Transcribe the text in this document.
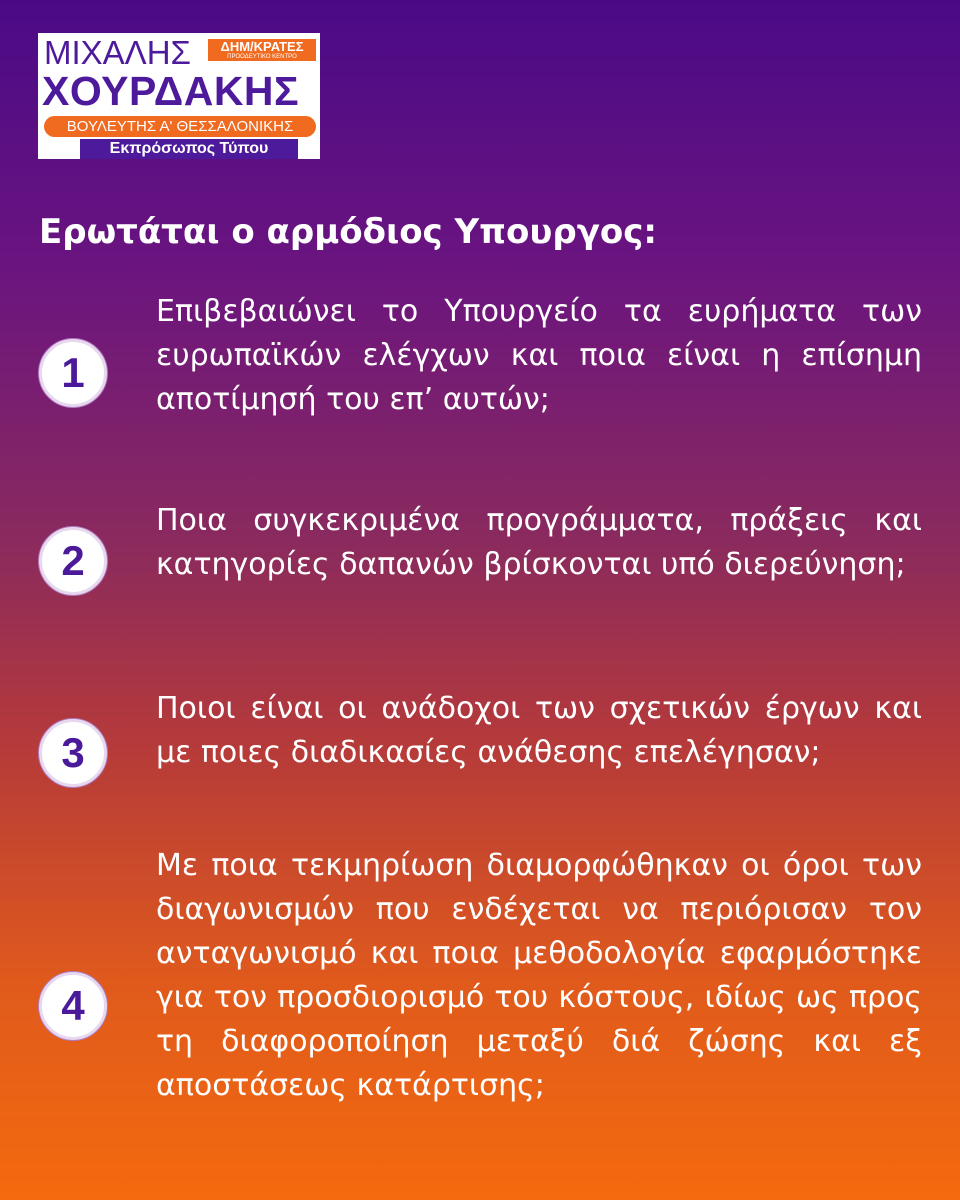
ΜΙΧΑΛΗΣ	ΔΗΜ/ΚΡΑΤΕΣ
ΠΡΟΟΔΕΥΤΙΚΟ ΚΕΝΤΡΟ
ΧΟΥΡΔΑΚΗΣ
ΒΟΥΛΕΥΤΗΣ Α' ΘΕΣΣΑΛΟΝΙΚΗΣ
Εκπρόσωπος Τύπου
Ερωτάται ο αρμόδιος Υπουργος:
1
Επιβεβαιώνει το Υπουργείο τα ευρήματα των ευρωπαϊκών ελέγχων και ποια είναι η επίσημη αποτίμησή του επ’ αυτών;
2
Ποια συγκεκριμένα προγράμματα, πράξεις και κατηγορίες δαπανών βρίσκονται υπό διερεύνηση;
3
Ποιοι είναι οι ανάδοχοι των σχετικών έργων και με ποιες διαδικασίες ανάθεσης επελέγησαν;
4
Με ποια τεκμηρίωση διαμορφώθηκαν οι όροι των διαγωνισμών που ενδέχεται να περιόρισαν τον ανταγωνισμό και ποια μεθοδολογία εφαρμόστηκε για τον προσδιορισμό του κόστους, ιδίως ως προς τη διαφοροποίηση μεταξύ διά ζώσης και εξ αποστάσεως κατάρτισης;
